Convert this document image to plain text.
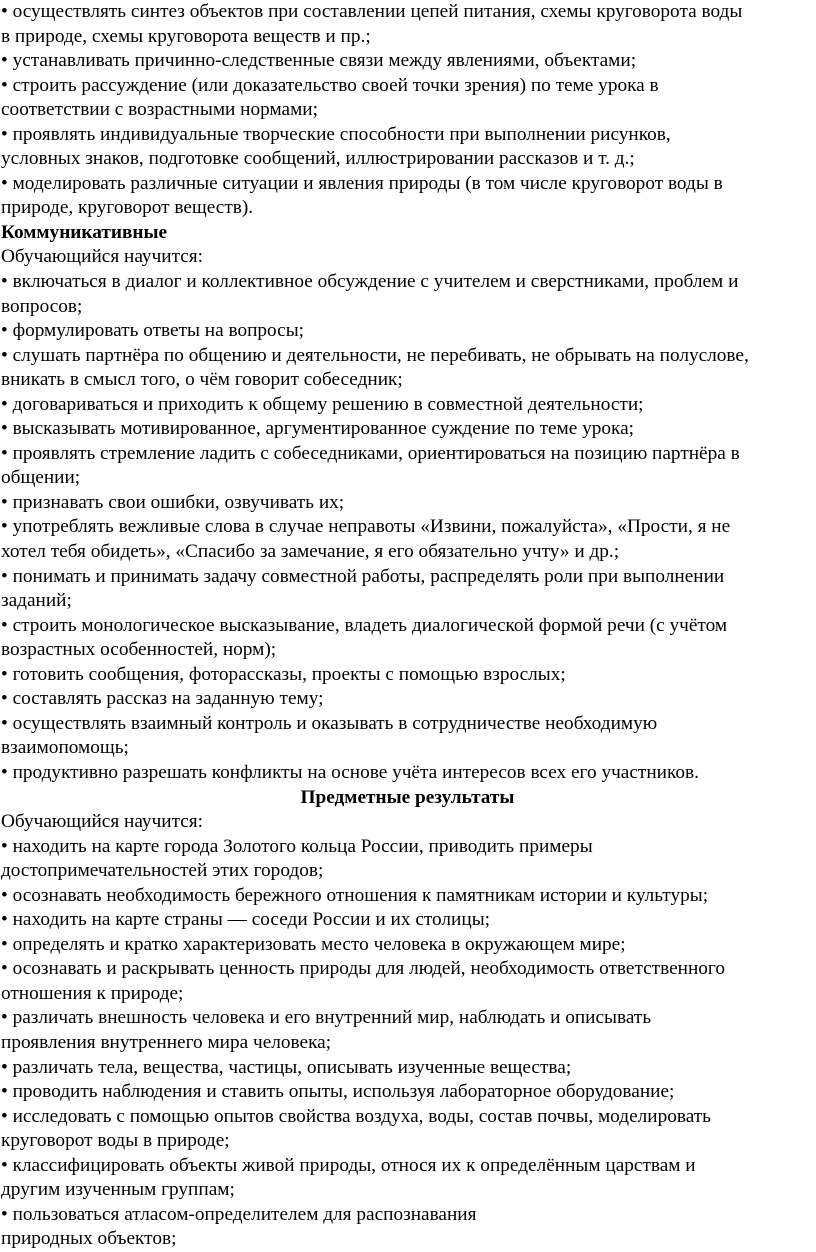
• осуществлять синтез объектов при составлении цепей питания, схемы круговорота воды
в природе, схемы круговорота веществ и пр.;
• устанавливать причинно-следственные связи между явлениями, объектами;
• строить рассуждение (или доказательство своей точки зрения) по теме урока в
соответствии с возрастными нормами;
• проявлять индивидуальные творческие способности при выполнении рисунков,
условных знаков, подготовке сообщений, иллюстрировании рассказов и т. д.;
• моделировать различные ситуации и явления природы (в том числе круговорот воды в
природе, круговорот веществ).
Коммуникативные
Обучающийся научится:
• включаться в диалог и коллективное обсуждение с учителем и сверстниками, проблем и
вопросов;
• формулировать ответы на вопросы;
• слушать партнёра по общению и деятельности, не перебивать, не обрывать на полуслове,
вникать в смысл того, о чём говорит собеседник;
• договариваться и приходить к общему решению в совместной деятельности;
• высказывать мотивированное, аргументированное суждение по теме урока;
• проявлять стремление ладить с собеседниками, ориентироваться на позицию партнёра в
общении;
• признавать свои ошибки, озвучивать их;
• употреблять вежливые слова в случае неправоты «Извини, пожалуйста», «Прости, я не
хотел тебя обидеть», «Спасибо за замечание, я его обязательно учту» и др.;
• понимать и принимать задачу совместной работы, распределять роли при выполнении
заданий;
• строить монологическое высказывание, владеть диалогической формой речи (с учётом
возрастных особенностей, норм);
• готовить сообщения, фоторассказы, проекты с помощью взрослых;
• составлять рассказ на заданную тему;
• осуществлять взаимный контроль и оказывать в сотрудничестве необходимую
взаимопомощь;
• продуктивно разрешать конфликты на основе учёта интересов всех его участников.
Предметные результаты
Обучающийся научится:
• находить на карте города Золотого кольца России, приводить примеры
достопримечательностей этих городов;
• осознавать необходимость бережного отношения к памятникам истории и культуры;
• находить на карте страны — соседи России и их столицы;
• определять и кратко характеризовать место человека в окружающем мире;
• осознавать и раскрывать ценность природы для людей, необходимость ответственного
отношения к природе;
• различать внешность человека и его внутренний мир, наблюдать и описывать
проявления внутреннего мира человека;
• различать тела, вещества, частицы, описывать изученные вещества;
• проводить наблюдения и ставить опыты, используя лабораторное оборудование;
• исследовать с помощью опытов свойства воздуха, воды, состав почвы, моделировать
круговорот воды в природе;
• классифицировать объекты живой природы, относя их к определённым царствам и
другим изученным группам;
• пользоваться атласом-определителем для распознавания
природных объектов;
